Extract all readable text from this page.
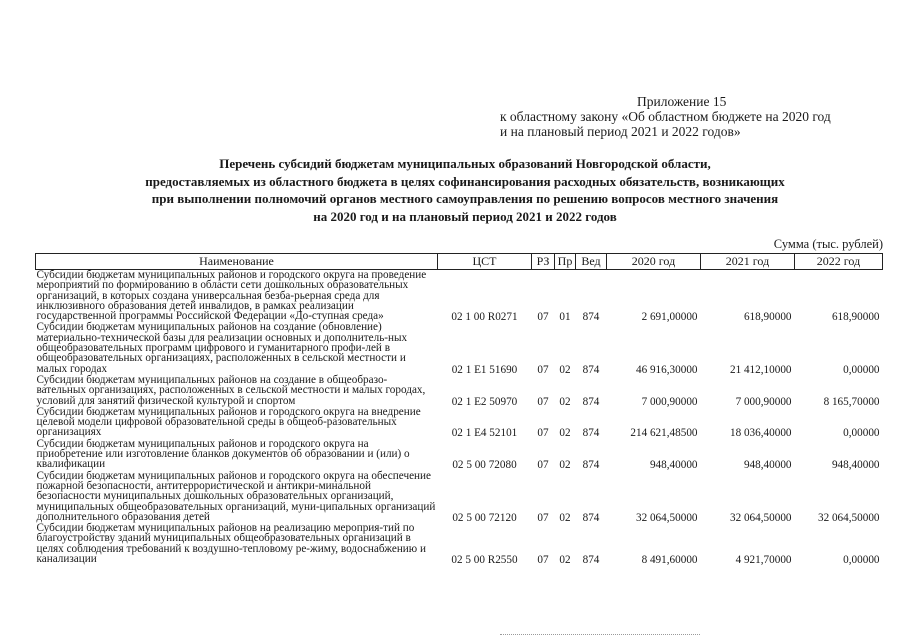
Приложение 15
к областному закону «Об областном бюджете на 2020 год
и на плановый период 2021 и 2022 годов»
Перечень субсидий бюджетам муниципальных образований Новгородской области,
предоставляемых из областного бюджета в целях софинансирования расходных обязательств, возникающих
при выполнении полномочий органов местного самоуправления по решению вопросов местного значения
на 2020 год и на плановый период 2021 и 2022 годов
Сумма (тыс. рублей)
Наименование	ЦСТ	РЗ	Пр	Вед	2020 год	2021 год	2022 год
Субсидии бюджетам муниципальных районов и городского округа на проведение мероприятий по формированию в области сети дошкольных образовательных организаций, в которых создана универсальная безба-рьерная среда для инклюзивного образования детей инвалидов, в рамках реализации государственной программы Российской Федерации «До-ступная среда»	02 1 00 R0271	07	01	874	2 691,00000	618,90000	618,90000
Субсидии бюджетам муниципальных районов на создание (обновление) материально-технической базы для реализации основных и дополнитель-ных общеобразовательных программ цифрового и гуманитарного профи-лей в общеобразовательных организациях, расположенных в сельской местности и малых городах	02 1 E1 51690	07	02	874	46 916,30000	21 412,10000	0,00000
Субсидии бюджетам муниципальных районов на создание в общеобразо-вательных организациях, расположенных в сельской местности и малых городах, условий для занятий физической культурой и спортом	02 1 E2 50970	07	02	874	7 000,90000	7 000,90000	8 165,70000
Субсидии бюджетам муниципальных районов и городского округа на внедрение целевой модели цифровой образовательной среды в общеоб-разовательных организациях	02 1 E4 52101	07	02	874	214 621,48500	18 036,40000	0,00000
Субсидии бюджетам муниципальных районов и городского округа на приобретение или изготовление бланков документов об образовании и (или) о квалификации	02 5 00 72080	07	02	874	948,40000	948,40000	948,40000
Субсидии бюджетам муниципальных районов и городского округа на обеспечение пожарной безопасности, антитеррористической и антикри-минальной безопасности муниципальных дошкольных образовательных организаций, муниципальных общеобразовательных организаций, муни-ципальных организаций дополнительного образования детей	02 5 00 72120	07	02	874	32 064,50000	32 064,50000	32 064,50000
Субсидии бюджетам муниципальных районов на реализацию мероприя-тий по благоустройству зданий муниципальных общеобразовательных организаций в целях соблюдения требований к воздушно-тепловому ре-жиму, водоснабжению и канализации	02 5 00 R2550	07	02	874	8 491,60000	4 921,70000	0,00000
